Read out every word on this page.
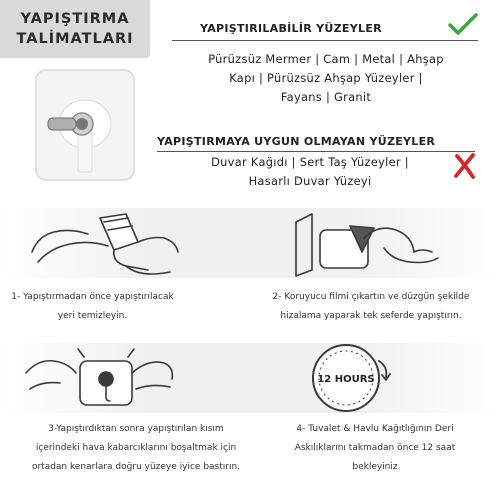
YAPIŞTIRMA
TALİMATLARI
YAPIŞTIRILABİLİR YÜZEYLER
Pürüzsüz Mermer | Cam | Metal | Ahşap
Kapı | Pürüzsüz Ahşap Yüzeyler |
Fayans | Granit
YAPIŞTIRMAYA UYGUN OLMAYAN YÜZEYLER
Duvar Kağıdı | Sert Taş Yüzeyler |
Hasarlı Duvar Yüzeyi
1- Yapıştırmadan önce yapıştırılacak
yeri temizleyin.
2- Koruyucu filmi çıkartın ve düzgün şekilde
hizalama yaparak tek seferde yapıştırın.
3-Yapıştırdıktan sonra yapıştırılan kısım
içerindeki hava kabarcıklarını boşaltmak için
ortadan kenarlara doğru yüzeye iyice bastırın.
12 HOURS
4- Tuvalet & Havlu Kağıtlığının Deri
Askılıklarını takmadan önce 12 saat
bekleyiniz
